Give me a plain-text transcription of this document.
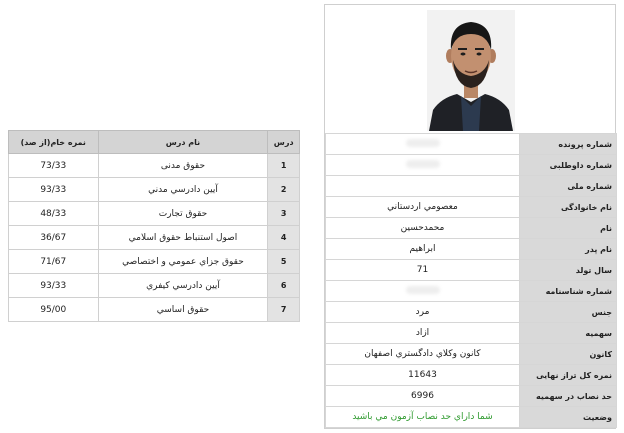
درس	نام درس	نمره خام(از صد)
1	حقوق مدنی	73/33
2	آيين دادرسي مدني	93/33
3	حقوق تجارت	48/33
4	اصول استنباط حقوق اسلامي	36/67
5	حقوق جزاي عمومي و اختصاصي	71/67
6	آيين دادرسي كيفري	93/33
7	حقوق اساسي	95/00
شماره پرونده	
شماره داوطلبی	
شماره ملی	
نام خانوادگی	معصومي اردستاني
نام	محمدحسين
نام پدر	ابراهيم
سال تولد	71
شماره شناسنامه	
جنس	مرد
سهمیه	ازاد
کانون	كانون وكلاي دادگستري اصفهان
نمره کل تراز نهایی	11643
حد نصاب در سهمیه	6996
وضعیت	شما داراي حد نصاب آزمون مي باشيد
